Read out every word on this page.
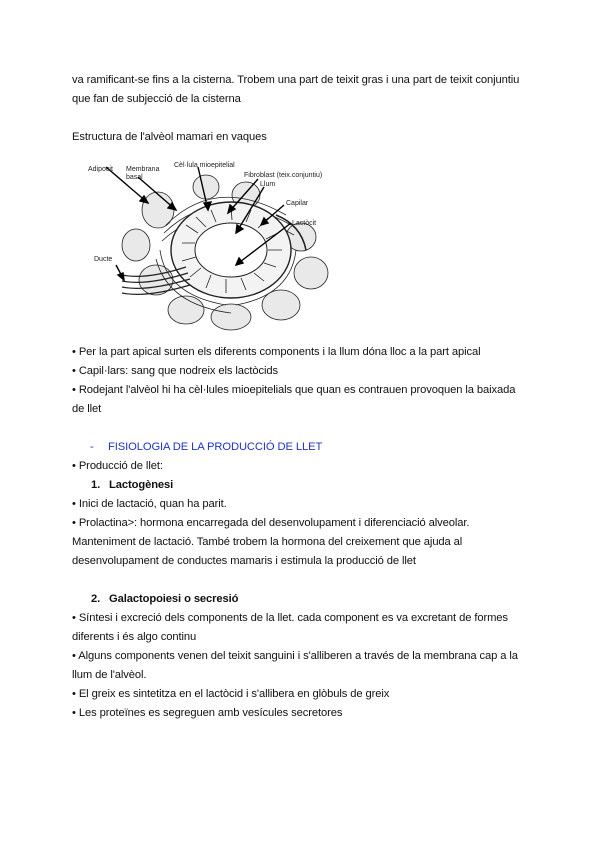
va ramificant-se fins a la cisterna. Trobem una part de teixit gras i una part de teixit conjuntiu
que fan de subjecció de la cisterna
Estructura de l'alvèol mamari en vaques
Adipocit Membrana
basal
Cèl·lula mioepitelial
Fibroblast (teix.conjuntiu)
Llum
Capilar
Lactòcit
Ducte
• Per la part apical surten els diferents components i la llum dóna lloc a la part apical
• Capil·lars: sang que nodreix els lactòcids
• Rodejant l'alvèol hi ha cèl·lules mioepitelials que quan es contrauen provoquen la baixada
de llet
- FISIOLOGIA DE LA PRODUCCIÓ DE LLET
• Producció de llet:
1. Lactogènesi
• Inici de lactació, quan ha parit.
• Prolactina>: hormona encarregada del desenvolupament i diferenciació alveolar.
Manteniment de lactació. També trobem la hormona del creixement que ajuda al
desenvolupament de conductes mamaris i estimula la producció de llet
2. Galactopoiesi o secresió
• Síntesi i excreció dels components de la llet. cada component es va excretant de formes
diferents i és algo continu
• Alguns components venen del teixit sanguini i s'alliberen a través de la membrana cap a la
llum de l'alvèol.
• El greix es sintetitza en el lactòcid i s'allibera en glòbuls de greix
• Les proteïnes es segreguen amb vesícules secretores
